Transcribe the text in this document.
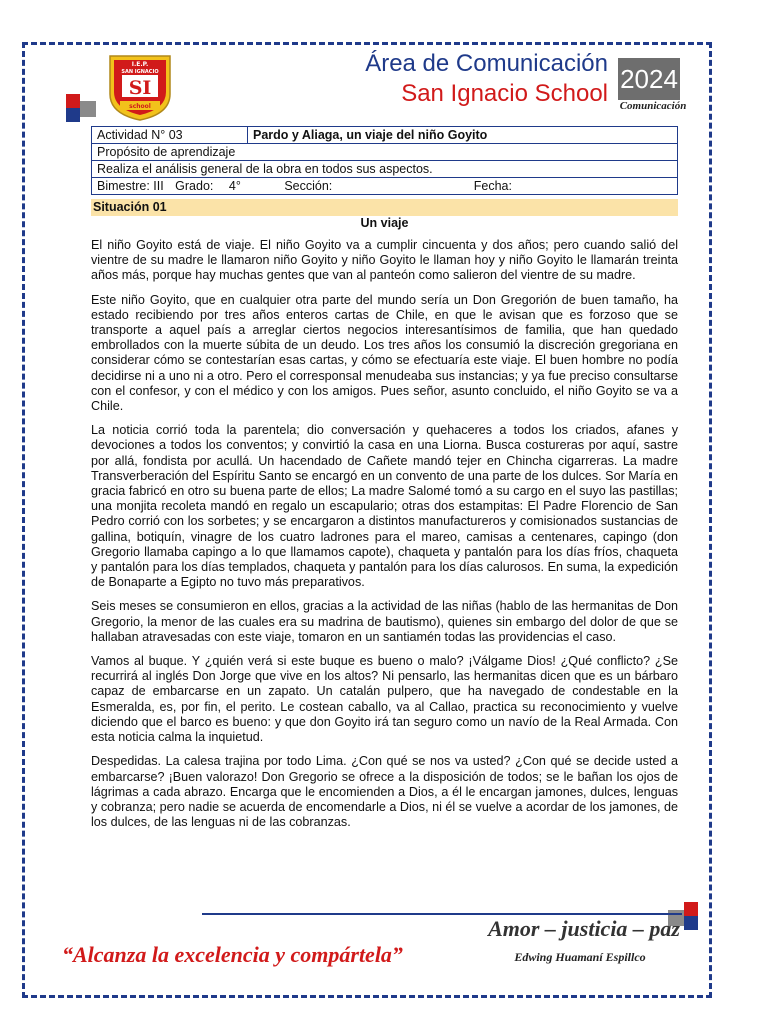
I.E.P.
SAN IGNACIO
SI
school
Área de Comunicación
San Ignacio School 2024
Comunicación
Actividad N° 03	Pardo y Aliaga, un viaje del niño Goyito
Propósito de aprendizaje
Realiza el análisis general de la obra en todos sus aspectos.
Bimestre: III Grado: 4°	Sección:	Fecha:
Situación 01
Un viaje

El niño Goyito está de viaje. El niño Goyito va a cumplir cincuenta y dos años; pero cuando salió del vientre de su madre le llamaron niño Goyito y niño Goyito le llaman hoy y niño Goyito le llamarán treinta años más, porque hay muchas gentes que van al panteón como salieron del vientre de su madre.

Este niño Goyito, que en cualquier otra parte del mundo sería un Don Gregorión de buen tamaño, ha estado recibiendo por tres años enteros cartas de Chile, en que le avisan que es forzoso que se transporte a aquel país a arreglar ciertos negocios interesantísimos de familia, que han quedado embrollados con la muerte súbita de un deudo. Los tres años los consumió la discreción gregoriana en considerar cómo se contestarían esas cartas, y cómo se efectuaría este viaje. El buen hombre no podía decidirse ni a uno ni a otro. Pero el corresponsal menudeaba sus instancias; y ya fue preciso consultarse con el confesor, y con el médico y con los amigos. Pues señor, asunto concluido, el niño Goyito se va a Chile.

La noticia corrió toda la parentela; dio conversación y quehaceres a todos los criados, afanes y devociones a todos los conventos; y convirtió la casa en una Liorna. Busca costureras por aquí, sastre por allá, fondista por acullá. Un hacendado de Cañete mandó tejer en Chincha cigarreras. La madre Transverberación del Espíritu Santo se encargó en un convento de una parte de los dulces. Sor María en gracia fabricó en otro su buena parte de ellos; La madre Salomé tomó a su cargo en el suyo las pastillas; una monjita recoleta mandó en regalo un escapulario; otras dos estampitas: El Padre Florencio de San Pedro corrió con los sorbetes; y se encargaron a distintos manufactureros y comisionados sustancias de gallina, botiquín, vinagre de los cuatro ladrones para el mareo, camisas a centenares, capingo (don Gregorio llamaba capingo a lo que llamamos capote), chaqueta y pantalón para los días fríos, chaqueta y pantalón para los días templados, chaqueta y pantalón para los días calurosos. En suma, la expedición de Bonaparte a Egipto no tuvo más preparativos.

Seis meses se consumieron en ellos, gracias a la actividad de las niñas (hablo de las hermanitas de Don Gregorio, la menor de las cuales era su madrina de bautismo), quienes sin embargo del dolor de que se hallaban atravesadas con este viaje, tomaron en un santiamén todas las providencias el caso.

Vamos al buque. Y ¿quién verá si este buque es bueno o malo? ¡Válgame Dios! ¿Qué conflicto? ¿Se recurrirá al inglés Don Jorge que vive en los altos? Ni pensarlo, las hermanitas dicen que es un bárbaro capaz de embarcarse en un zapato. Un catalán pulpero, que ha navegado de condestable en la Esmeralda, es, por fin, el perito. Le costean caballo, va al Callao, practica su reconocimiento y vuelve diciendo que el barco es bueno: y que don Goyito irá tan seguro como un navío de la Real Armada. Con esta noticia calma la inquietud.

Despedidas. La calesa trajina por todo Lima. ¿Con qué se nos va usted? ¿Con qué se decide usted a embarcarse? ¡Buen valorazo! Don Gregorio se ofrece a la disposición de todos; se le bañan los ojos de lágrimas a cada abrazo. Encarga que le encomienden a Dios, a él le encargan jamones, dulces, lenguas y cobranza; pero nadie se acuerda de encomendarle a Dios, ni él se vuelve a acordar de los jamones, de los dulces, de las lenguas ni de las cobranzas.

Amor – justicia – paz
Edwing Huamaní Espillco
“Alcanza la excelencia y compártela”
